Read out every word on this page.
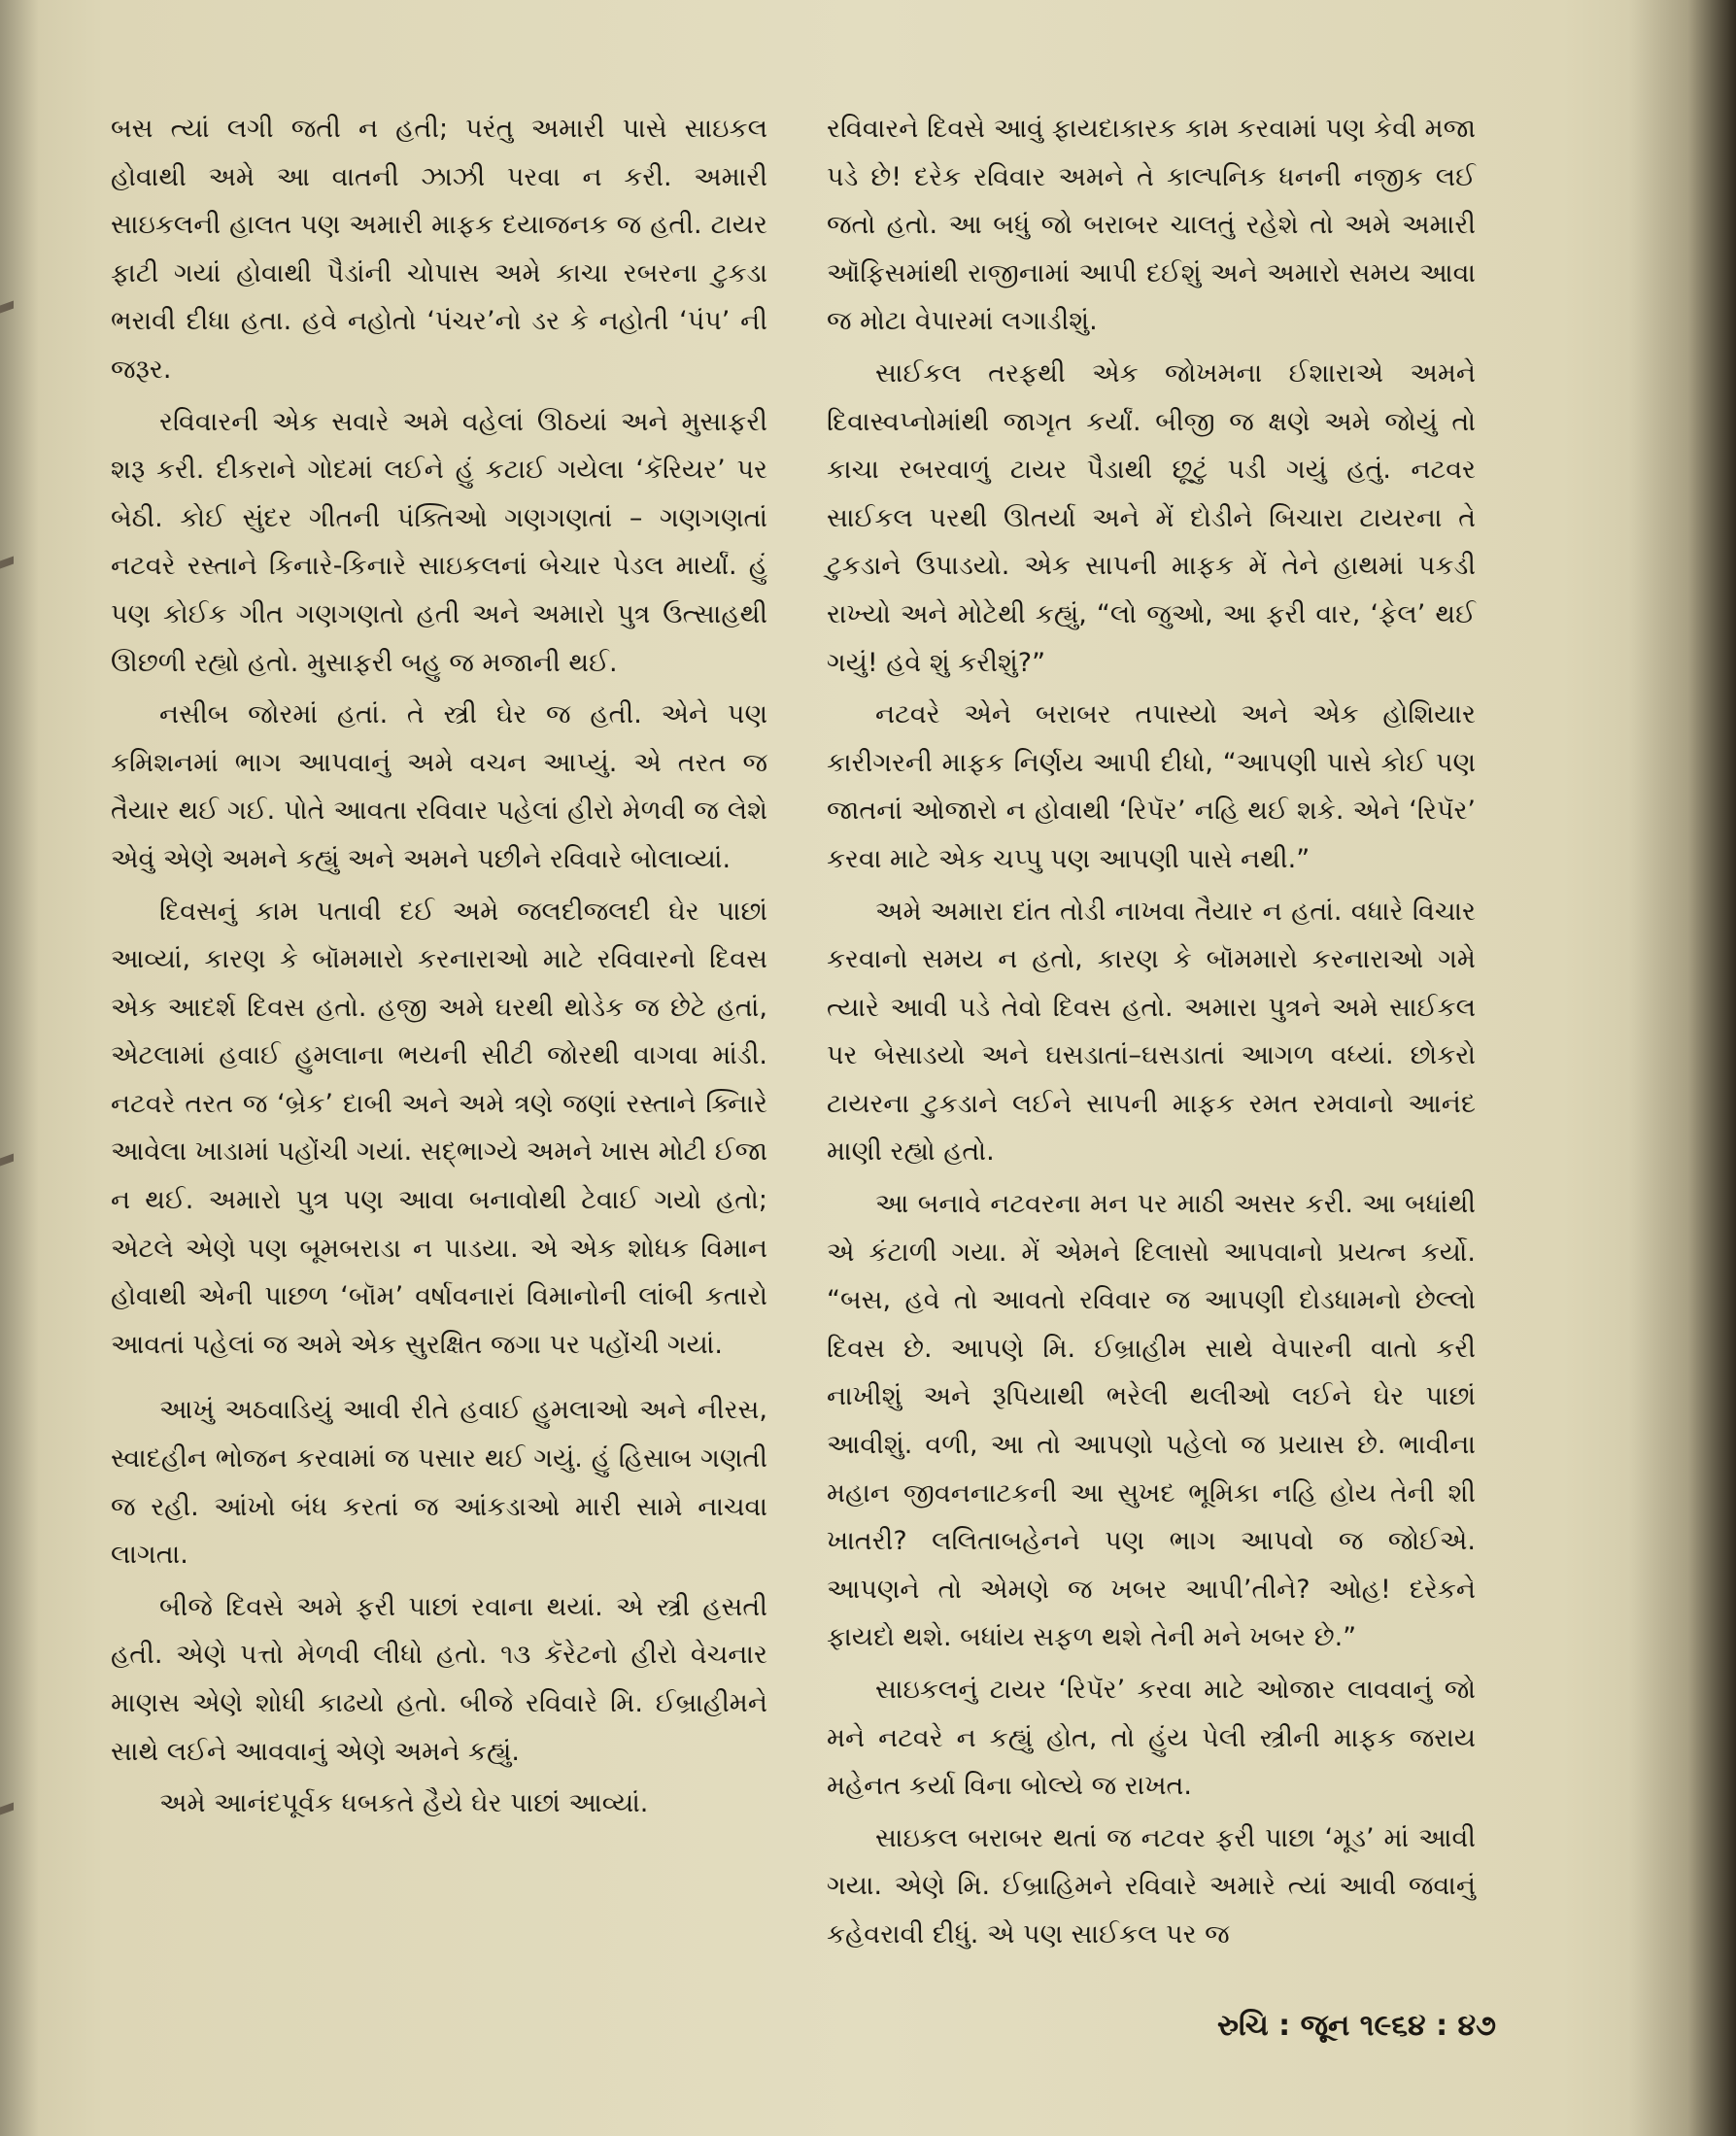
બસ ત્યાં લગી જતી ન હતી; પરંતુ અમારી પાસે સાઇકલ હોવાથી અમે આ વાતની ઝાઝી પરવા ન કરી. અમારી સાઇકલની હાલત પણ અમારી માફક દયાજનક જ હતી. ટાયર ફાટી ગયાં હોવાથી પૈડાંની ચોપાસ અમે કાચા રબરના ટુકડા ભરાવી દીધા હતા. હવે નહોતો ‘પંચર’નો ડર કે નહોતી ‘પંપ’ ની જરૂર.

રવિવારની એક સવારે અમે વહેલાં ઊઠયાં અને મુસાફરી શરૂ કરી. દીકરાને ગોદમાં લઈને હું કટાઈ ગયેલા ‘કૅરિયર’ પર બેઠી. કોઈ સુંદર ગીતની પંક્તિઓ ગણગણતાં – ગણગણતાં નટવરે રસ્તાને કિનારે-કિનારે સાઇકલનાં બેચાર પેડલ માર્યાં. હું પણ કોઈક ગીત ગણગણતો હતી અને અમારો પુત્ર ઉત્સાહથી ઊછળી રહ્યો હતો. મુસાફરી બહુ જ મજાની થઈ.

નસીબ જોરમાં હતાં. તે સ્ત્રી ઘેર જ હતી. એને પણ કમિશનમાં ભાગ આપવાનું અમે વચન આપ્યું. એ તરત જ તૈયાર થઈ ગઈ. પોતે આવતા રવિવાર પહેલાં હીરો મેળવી જ લેશે એવું એણે અમને કહ્યું અને અમને પછીને રવિવારે બોલાવ્યાં.

દિવસનું કામ પતાવી દઈ અમે જલદીજલદી ઘેર પાછાં આવ્યાં, કારણ કે બૉમમારો કરનારાઓ માટે રવિવારનો દિવસ એક આદર્શ દિવસ હતો. હજી અમે ઘરથી થોડેક જ છેટે હતાં, એટલામાં હવાઈ હુમલાના ભયની સીટી જોરથી વાગવા માંડી. નટવરે તરત જ ‘બ્રેક’ દાબી અને અમે ત્રણે જણાં રસ્તાને ક્નિારે આવેલા ખાડામાં પહોંચી ગયાં. સદ્‌ભાગ્યે અમને ખાસ મોટી ઈજા ન થઈ. અમારો પુત્ર પણ આવા બનાવોથી ટેવાઈ ગયો હતો; એટલે એણે પણ બૂમબરાડા ન પાડયા. એ એક શોધક વિમાન હોવાથી એની પાછળ ‘બૉમ’ વર્ષાવનારાં વિમાનોની લાંબી કતારો આવતાં પહેલાં જ અમે એક સુરક્ષિત જગા પર પહોંચી ગયાં.

આખું અઠવાડિયું આવી રીતે હવાઈ હુમલાઓ અને નીરસ, સ્વાદહીન ભોજન કરવામાં જ પસાર થઈ ગયું. હું હિસાબ ગણતી જ રહી. આંખો બંધ કરતાં જ આંકડાઓ મારી સામે નાચવા લાગતા.

બીજે દિવસે અમે ફરી પાછાં રવાના થયાં. એ સ્ત્રી હસતી હતી. એણે પત્તો મેળવી લીધો હતો. ૧૩ કૅરેટનો હીરો વેચનાર માણસ એણે શોધી કાઢયો હતો. બીજે રવિવારે મિ. ઈબ્રાહીમને સાથે લઈને આવવાનું એણે અમને કહ્યું.

અમે આનંદપૂર્વક ધબકતે હૈયે ઘેર પાછાં આવ્યાં.

રવિવારને દિવસે આવું ફાયદાકારક કામ કરવામાં પણ કેવી મજા પડે છે! દરેક રવિવાર અમને તે કાલ્પનિક ધનની નજીક લઈ જતો હતો. આ બધું જો બરાબર ચાલતું રહેશે તો અમે અમારી ઑફિસમાંથી રાજીનામાં આપી દઈશું અને અમારો સમય આવા જ મોટા વેપારમાં લગાડીશું.

સાઈકલ તરફથી એક જોખમના ઈશારાએ અમને દિવાસ્વપ્નોમાંથી જાગૃત કર્યાં. બીજી જ ક્ષણે અમે જોયું તો કાચા રબરવાળું ટાયર પૈડાથી છૂટું પડી ગયું હતું. નટવર સાઈકલ પરથી ઊતર્યા અને મેં દોડીને બિચારા ટાયરના તે ટુકડાને ઉપાડયો. એક સાપની માફક મેં તેને હાથમાં પકડી રાખ્યો અને મોટેથી કહ્યું, “લો જુઓ, આ ફરી વાર, ‘ફેલ’ થઈ ગયું! હવે શું કરીશું?”

નટવરે એને બરાબર તપાસ્યો અને એક હોશિયાર કારીગરની માફક નિર્ણય આપી દીધો, “આપણી પાસે કોઈ પણ જાતનાં ઓજારો ન હોવાથી ‘રિપૅર’ નહિ થઈ શકે. એને ‘રિપૅર’ કરવા માટે એક ચપ્પુ પણ આપણી પાસે નથી.”

અમે અમારા દાંત તોડી નાખવા તૈયાર ન હતાં. વધારે વિચાર કરવાનો સમય ન હતો, કારણ કે બૉમમારો કરનારાઓ ગમે ત્યારે આવી પડે તેવો દિવસ હતો. અમારા પુત્રને અમે સાઈકલ પર બેસાડયો અને ઘસડાતાં–ઘસડાતાં આગળ વધ્યાં. છોકરો ટાયરના ટુકડાને લઈને સાપની માફક રમત રમવાનો આનંદ માણી રહ્યો હતો.

આ બનાવે નટવરના મન પર માઠી અસર કરી. આ બધાંથી એ કંટાળી ગયા. મેં એમને દિલાસો આપવાનો પ્રયત્ન કર્યો. “બસ, હવે તો આવતો રવિવાર જ આપણી દોડધામનો છેલ્લો દિવસ છે. આપણે મિ. ઈબ્રાહીમ સાથે વેપારની વાતો કરી નાખીશું અને રૂપિયાથી ભરેલી થલીઓ લઈને ઘેર પાછાં આવીશું. વળી, આ તો આપણો પહેલો જ પ્રયાસ છે. ભાવીના મહાન જીવનનાટકની આ સુખદ ભૂમિકા નહિ હોય તેની શી ખાતરી? લલિતાબહેનને પણ ભાગ આપવો જ જોઈએ. આપણને તો એમણે જ ખબર આપી’તીને? ઓહ! દરેકને ફાયદો થશે. બધાંય સફળ થશે તેની મને ખબર છે.”

સાઇકલનું ટાયર ‘રિપૅર’ કરવા માટે ઓજાર લાવવાનું જો મને નટવરે ન કહ્યું હોત, તો હુંય પેલી સ્ત્રીની માફક જરાય મહેનત કર્યા વિના બોલ્યે જ રાખત.

સાઇકલ બરાબર થતાં જ નટવર ફરી પાછા ‘મૂડ’ માં આવી ગયા. એણે મિ. ઈબ્રાહિમને રવિવારે અમારે ત્યાં આવી જવાનું કહેવરાવી દીધું. એ પણ સાઈકલ પર જ

રુચિ : જૂન ૧૯૬૪ : ૪૭
